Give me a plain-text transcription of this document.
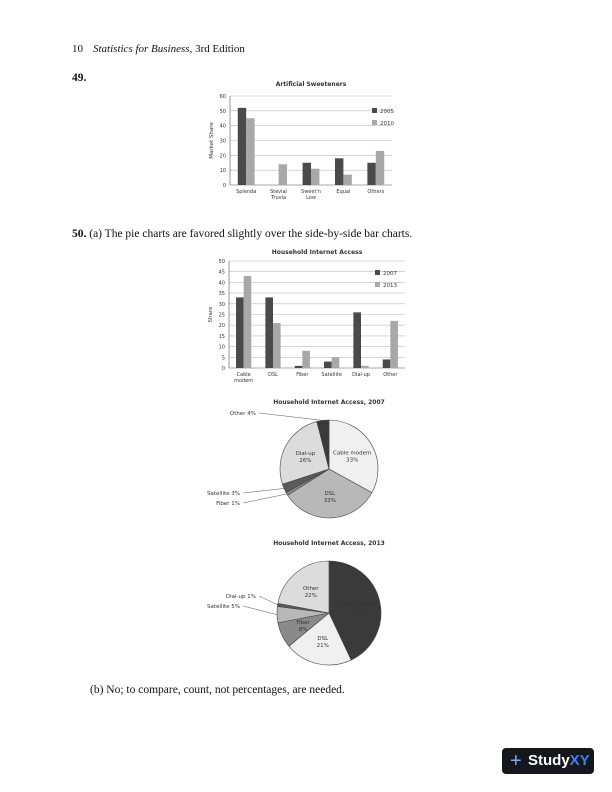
10 Statistics for Business, 3rd Edition
49.
Artificial Sweeteners
0
10
20
30
40
50
60
Market Share
Splenda	Stevia/
Truvia
Sweet'n
Low
Equal	Others
2005
2010
50. (a) The pie charts are favored slightly over the side-by-side bar charts.
Household Internet Access
0
5
10
15
20
25
30
35
40
45
50
Share
Cable
modem
DSL	Fiber	Satellite Dial-up	Other
2007
2013
Household Internet Access, 2007
Cable modem
33%
DSL
33%
Fiber 1%
Satellite 3%
Dial-up
26%
Other 4%
Household Internet Access, 2013
Cable modem
43%
DSL
21%
Fiber
8%
Satellite 5%
Dial-up 1%
Other
22%
(b) No; to compare, count, not percentages, are needed.
+ StudyXY
